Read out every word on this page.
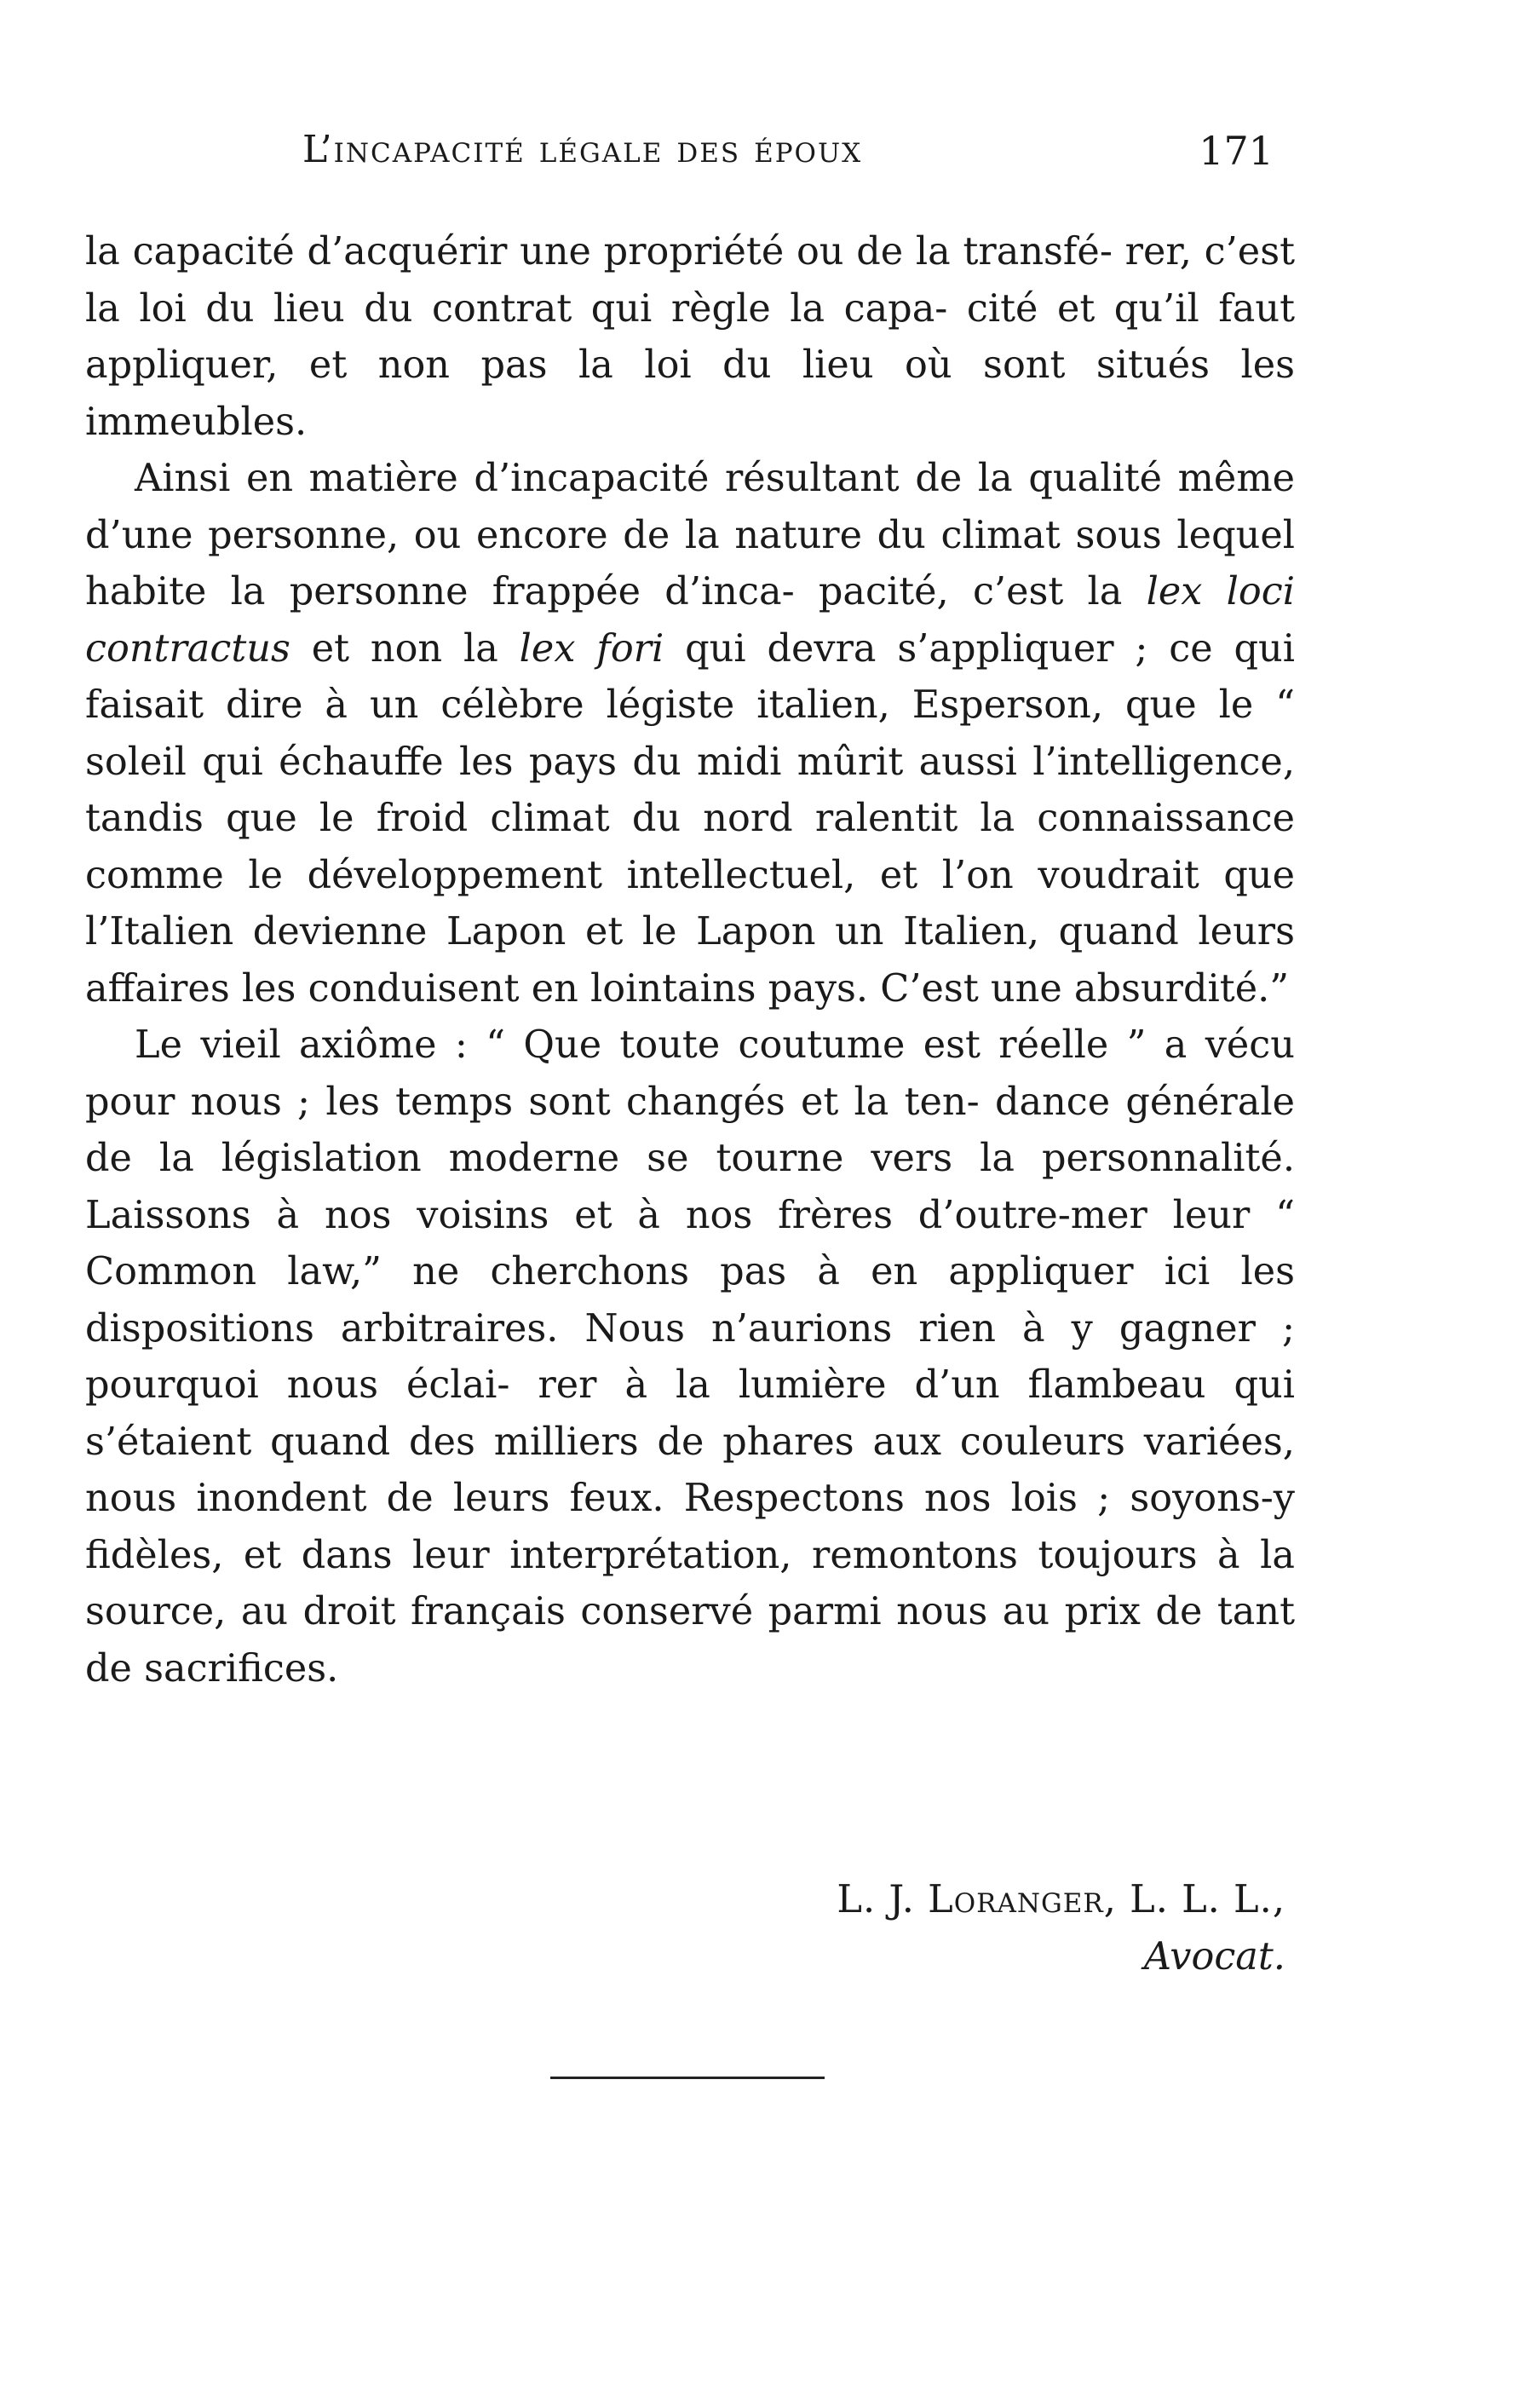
L’incapacité légale des époux	171

la capacité d’acquérir une propriété ou de la transfé- rer, c’est la loi du lieu du contrat qui règle la capa- cité et qu’il faut appliquer, et non pas la loi du lieu où sont situés les immeubles.

Ainsi en matière d’incapacité résultant de la qualité même d’une personne, ou encore de la nature du climat sous lequel habite la personne frappée d’inca- pacité, c’est la lex loci contractus et non la lex fori qui devra s’appliquer ; ce qui faisait dire à un célèbre légiste italien, Esperson, que le “ soleil qui échauffe les pays du midi mûrit aussi l’intelligence, tandis que le froid climat du nord ralentit la connaissance comme le développement intellectuel, et l’on voudrait que l’Italien devienne Lapon et le Lapon un Italien, quand leurs affaires les conduisent en lointains pays. C’est une absurdité.”

Le vieil axiôme : “ Que toute coutume est réelle ” a vécu pour nous ; les temps sont changés et la ten- dance générale de la législation moderne se tourne vers la personnalité. Laissons à nos voisins et à nos frères d’outre-mer leur “ Common law,” ne cherchons pas à en appliquer ici les dispositions arbitraires. Nous n’aurions rien à y gagner ; pourquoi nous éclai- rer à la lumière d’un flambeau qui s’étaient quand des milliers de phares aux couleurs variées, nous inondent de leurs feux. Respectons nos lois ; soyons-y fidèles, et dans leur interprétation, remontons toujours à la source, au droit français conservé parmi nous au prix de tant de sacrifices.

L. J. Loranger, L. L. L.,
Avocat.
